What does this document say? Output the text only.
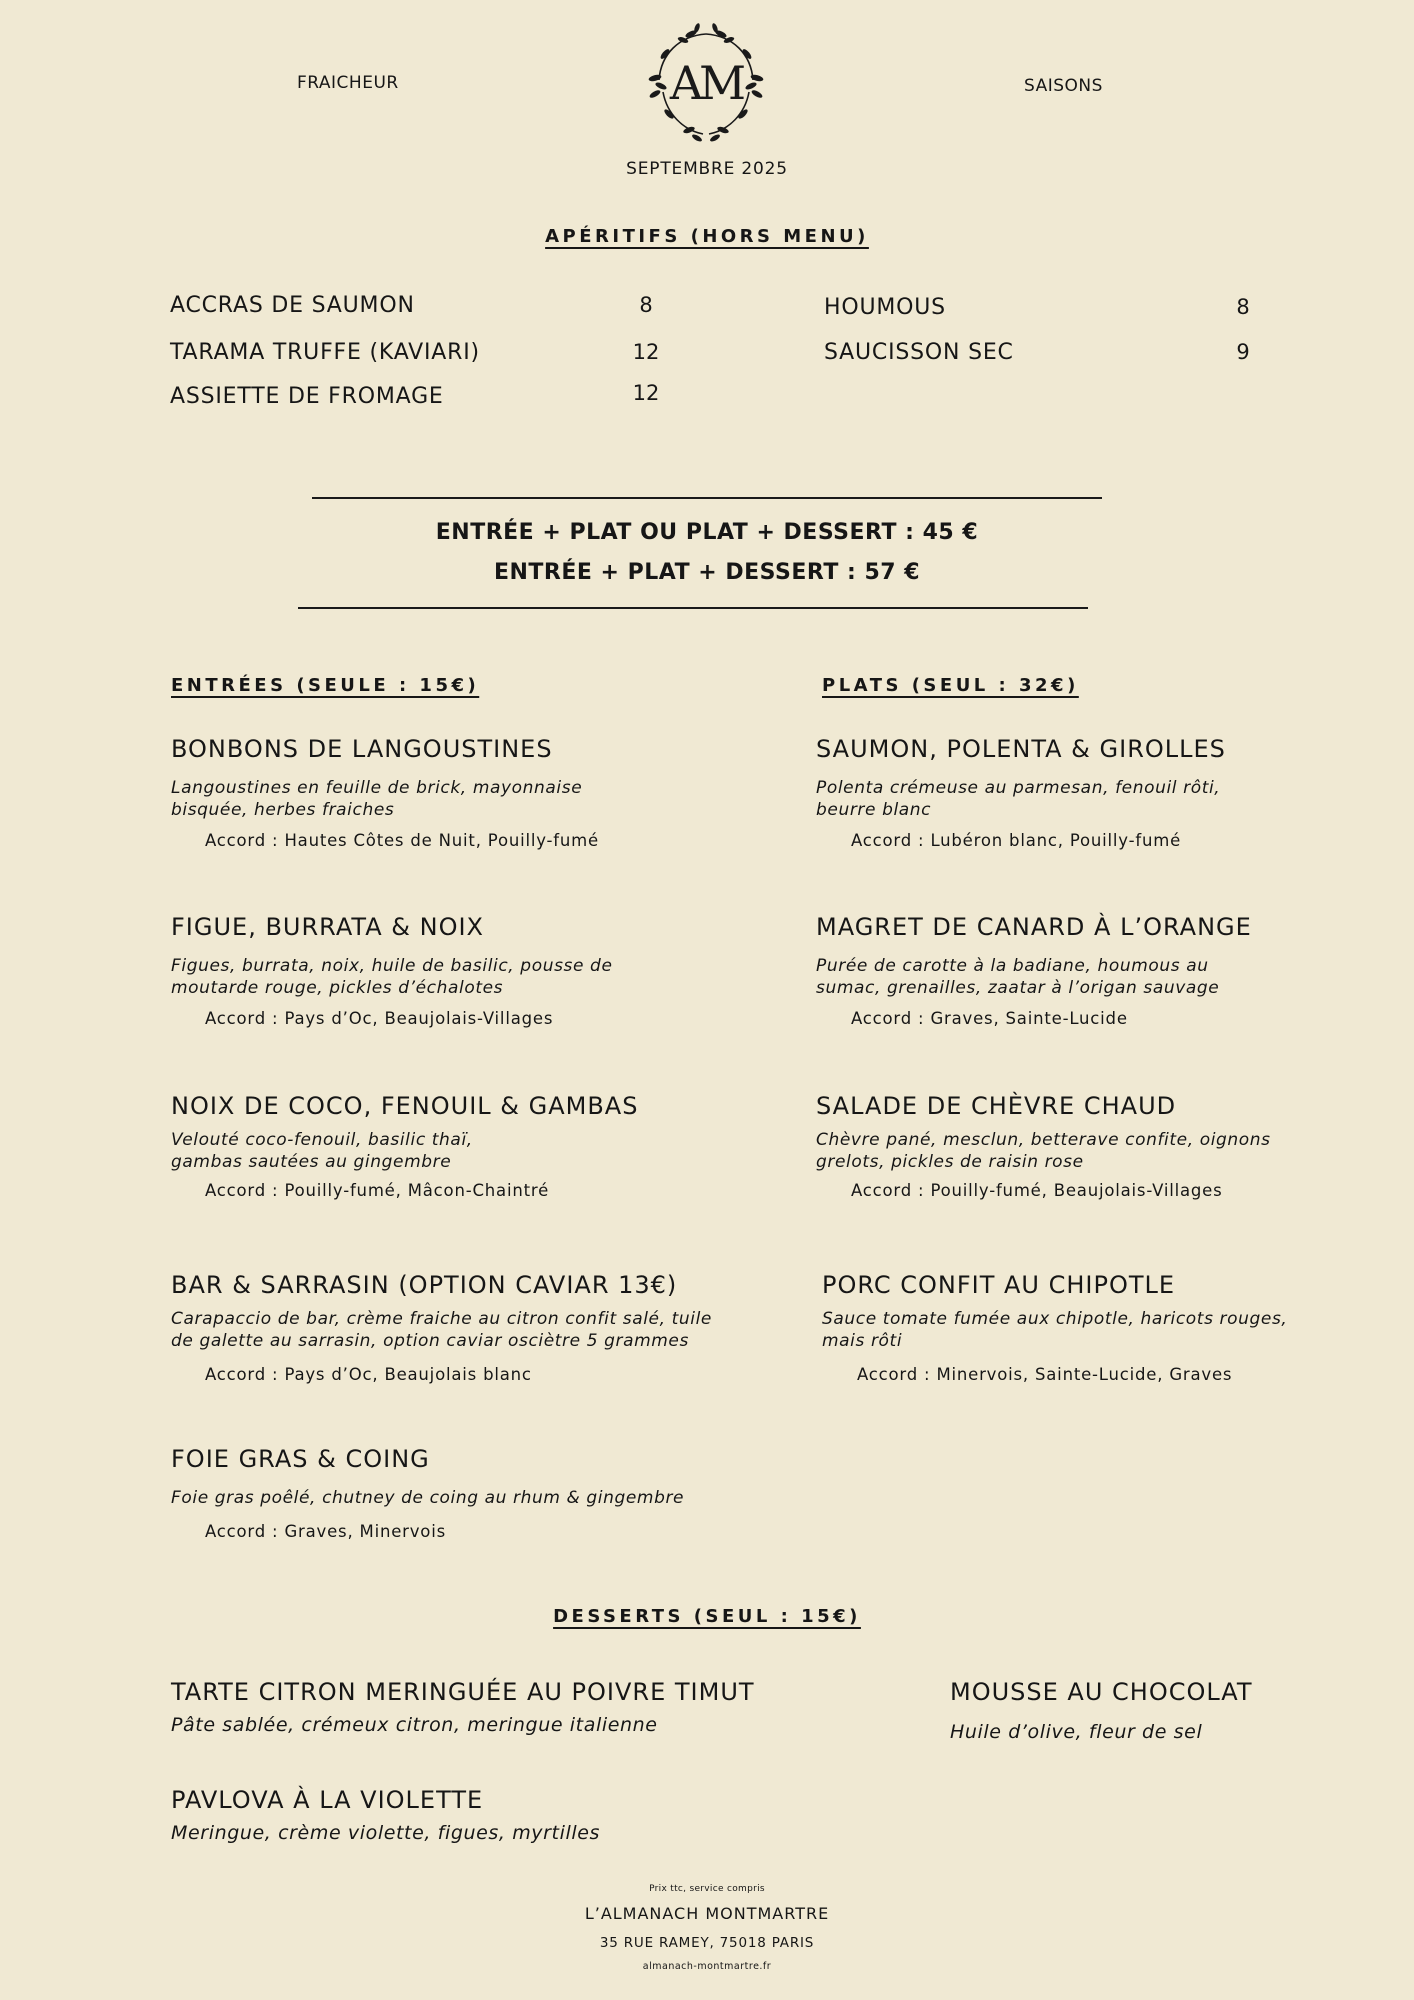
FRAICHEUR	SAISONS
AM
SEPTEMBRE 2025
APÉRITIFS (HORS MENU)
ACCRAS DE SAUMON	8
TARAMA TRUFFE (KAVIARI)	12
ASSIETTE DE FROMAGE	12
HOUMOUS	8
SAUCISSON SEC	9
ENTRÉE + PLAT OU PLAT + DESSERT : 45 €
ENTRÉE + PLAT + DESSERT : 57 €
ENTRÉES (SEULE : 15€)
BONBONS DE LANGOUSTINES
Langoustines en feuille de brick, mayonnaise bisquée, herbes fraiches
Accord : Hautes Côtes de Nuit, Pouilly-fumé
FIGUE, BURRATA & NOIX
Figues, burrata, noix, huile de basilic, pousse de moutarde rouge, pickles d’échalotes
Accord : Pays d’Oc, Beaujolais-Villages
NOIX DE COCO, FENOUIL & GAMBAS
Velouté coco-fenouil, basilic thaï, gambas sautées au gingembre
Accord : Pouilly-fumé, Mâcon-Chaintré
BAR & SARRASIN (OPTION CAVIAR 13€)
Carapaccio de bar, crème fraiche au citron confit salé, tuile de galette au sarrasin, option caviar osciètre 5 grammes
Accord : Pays d’Oc, Beaujolais blanc
FOIE GRAS & COING
Foie gras poêlé, chutney de coing au rhum & gingembre
Accord : Graves, Minervois
PLATS (SEUL : 32€)
SAUMON, POLENTA & GIROLLES
Polenta crémeuse au parmesan, fenouil rôti, beurre blanc
Accord : Lubéron blanc, Pouilly-fumé
MAGRET DE CANARD À L’ORANGE
Purée de carotte à la badiane, houmous au sumac, grenailles, zaatar à l’origan sauvage
Accord : Graves, Sainte-Lucide
SALADE DE CHÈVRE CHAUD
Chèvre pané, mesclun, betterave confite, oignons grelots, pickles de raisin rose
Accord : Pouilly-fumé, Beaujolais-Villages
PORC CONFIT AU CHIPOTLE
Sauce tomate fumée aux chipotle, haricots rouges, mais rôti
Accord : Minervois, Sainte-Lucide, Graves
DESSERTS (SEUL : 15€)
TARTE CITRON MERINGUÉE AU POIVRE TIMUT
Pâte sablée, crémeux citron, meringue italienne
MOUSSE AU CHOCOLAT
Huile d’olive, fleur de sel
PAVLOVA À LA VIOLETTE
Meringue, crème violette, figues, myrtilles
Prix ttc, service compris
L’ALMANACH MONTMARTRE
35 RUE RAMEY, 75018 PARIS
almanach-montmartre.fr
